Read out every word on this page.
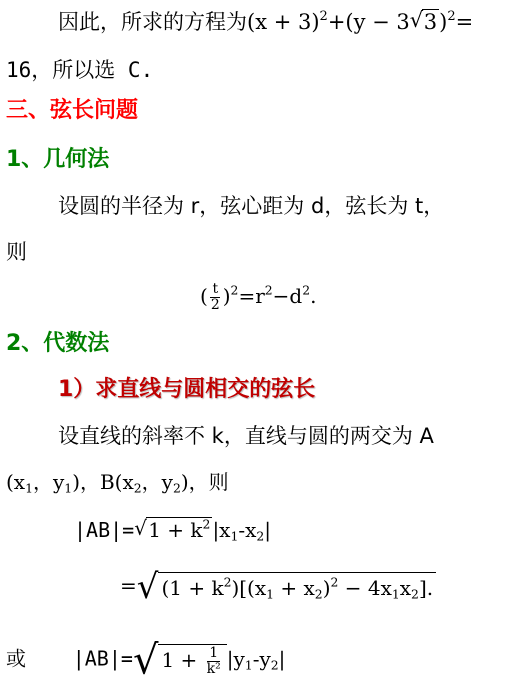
因此，所求的方程为$(x + 3)^2+(y - 3$ √ 3)$^2$=
16，所以选 C.
三、弦长问题
1、几何法
设圆的半径为 r，弦心距为 d，弦长为 t，
则
( $\frac{t}{2} )^2=r^2-d^2$.
2、代数法
1）求直线与圆相交的弦长
设直线的斜率不 k，直线与圆的两交为 A
($x_1$，$y_1$)，$B(x_2$，$y_2$)，则
|AB|= √ $1 + k^2$ $|x_1-x_2|$
=√ $(1 + k^2)[(x_1 + x_2)^2 - 4x_1x_2]$.
或 |AB|=√ $1 + \frac{1}{\text{k²}} |y_1-y_2|$
